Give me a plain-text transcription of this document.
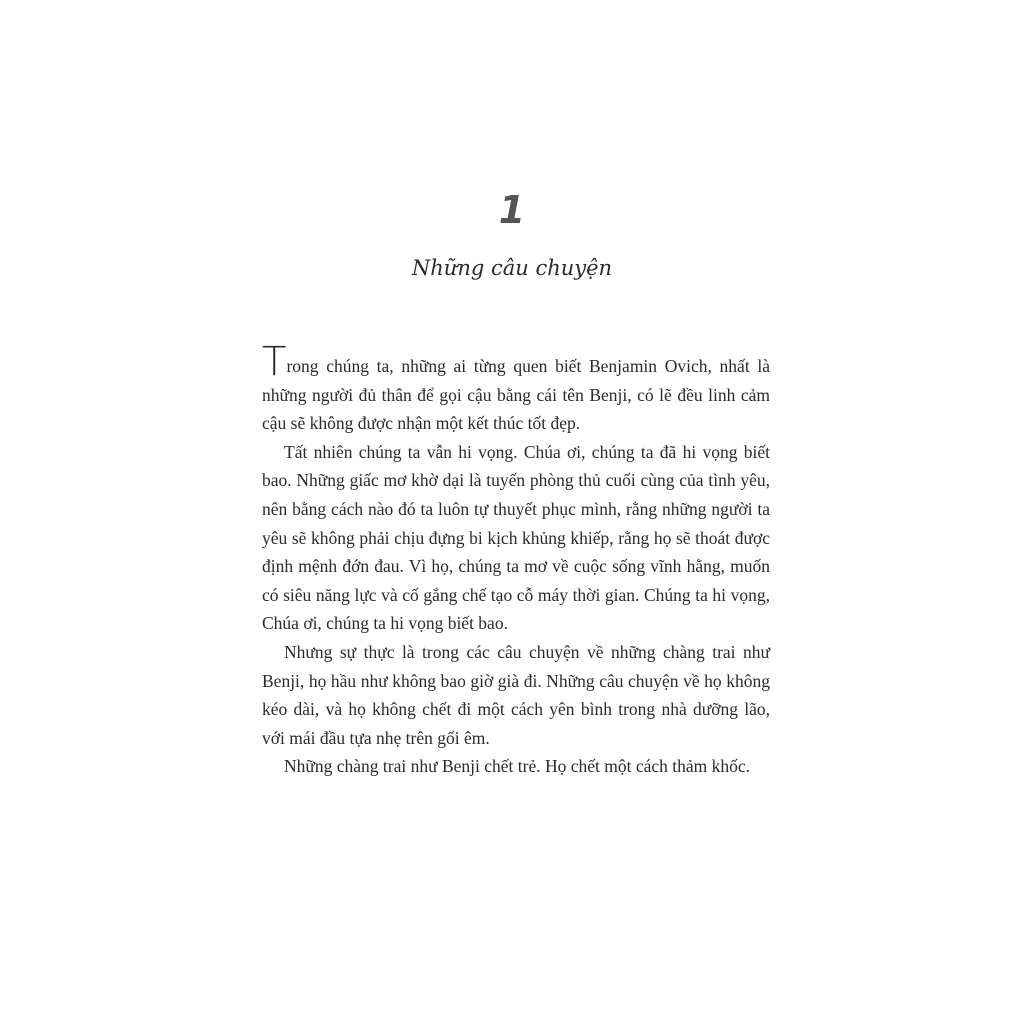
1
Những câu chuyện

Trong chúng ta, những ai từng quen biết Benjamin Ovich, nhất là những người đủ thân để gọi cậu bằng cái tên Benji, có lẽ đều linh cảm cậu sẽ không được nhận một kết thúc tốt đẹp.

Tất nhiên chúng ta vẫn hi vọng. Chúa ơi, chúng ta đã hi vọng biết bao. Những giấc mơ khờ dại là tuyến phòng thủ cuối cùng của tình yêu, nên bằng cách nào đó ta luôn tự thuyết phục mình, rằng những người ta yêu sẽ không phải chịu đựng bi kịch khủng khiếp, rằng họ sẽ thoát được định mệnh đớn đau. Vì họ, chúng ta mơ về cuộc sống vĩnh hằng, muốn có siêu năng lực và cố gắng chế tạo cỗ máy thời gian. Chúng ta hi vọng, Chúa ơi, chúng ta hi vọng biết bao.

Nhưng sự thực là trong các câu chuyện về những chàng trai như Benji, họ hầu như không bao giờ già đi. Những câu chuyện về họ không kéo dài, và họ không chết đi một cách yên bình trong nhà dưỡng lão, với mái đầu tựa nhẹ trên gối êm.

Những chàng trai như Benji chết trẻ. Họ chết một cách thảm khốc.
